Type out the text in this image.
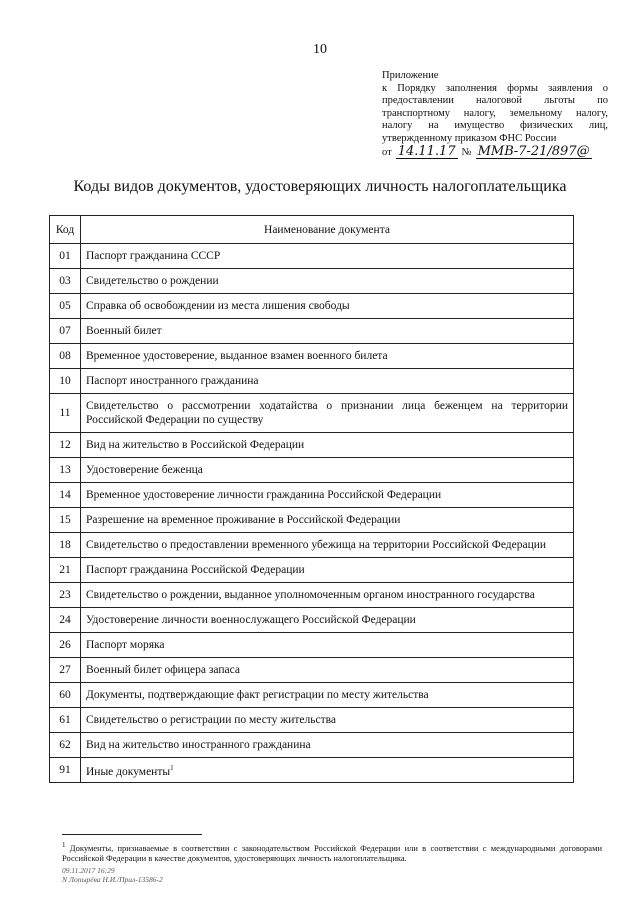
10
Приложение
к Порядку заполнения формы заявления о
предоставлении налоговой льготы по
транспортному налогу, земельному налогу,
налогу на имущество физических лиц,
утвержденному приказом ФНС России
от 14.11.17 № ММВ-7-21/897@
Коды видов документов, удостоверяющих личность налогоплательщика
Код	Наименование документа
01	Паспорт гражданина СССР
03	Свидетельство о рождении
05	Справка об освобождении из места лишения свободы
07	Военный билет
08	Временное удостоверение, выданное взамен военного билета
10	Паспорт иностранного гражданина
11	Свидетельство о рассмотрении ходатайства о признании лица беженцем на территории Российской Федерации по существу
12	Вид на жительство в Российской Федерации
13	Удостоверение беженца
14	Временное удостоверение личности гражданина Российской Федерации
15	Разрешение на временное проживание в Российской Федерации
18	Свидетельство о предоставлении временного убежища на территории Российской Федерации
21	Паспорт гражданина Российской Федерации
23	Свидетельство о рождении, выданное уполномоченным органом иностранного государства
24	Удостоверение личности военнослужащего Российской Федерации
26	Паспорт моряка
27	Военный билет офицера запаса
60	Документы, подтверждающие факт регистрации по месту жительства
61	Свидетельство о регистрации по месту жительства
62	Вид на жительство иностранного гражданина
91	Иные документы$^1$
$^1$ Документы, признаваемые в соответствии с законодательством Российской Федерации или в соответствии с международными договорами Российской Федерации в качестве документов, удостоверяющих личность налогоплательщика.
09.11.2017 16:29
N Лопырёва Н.И./Прил-13586-2
